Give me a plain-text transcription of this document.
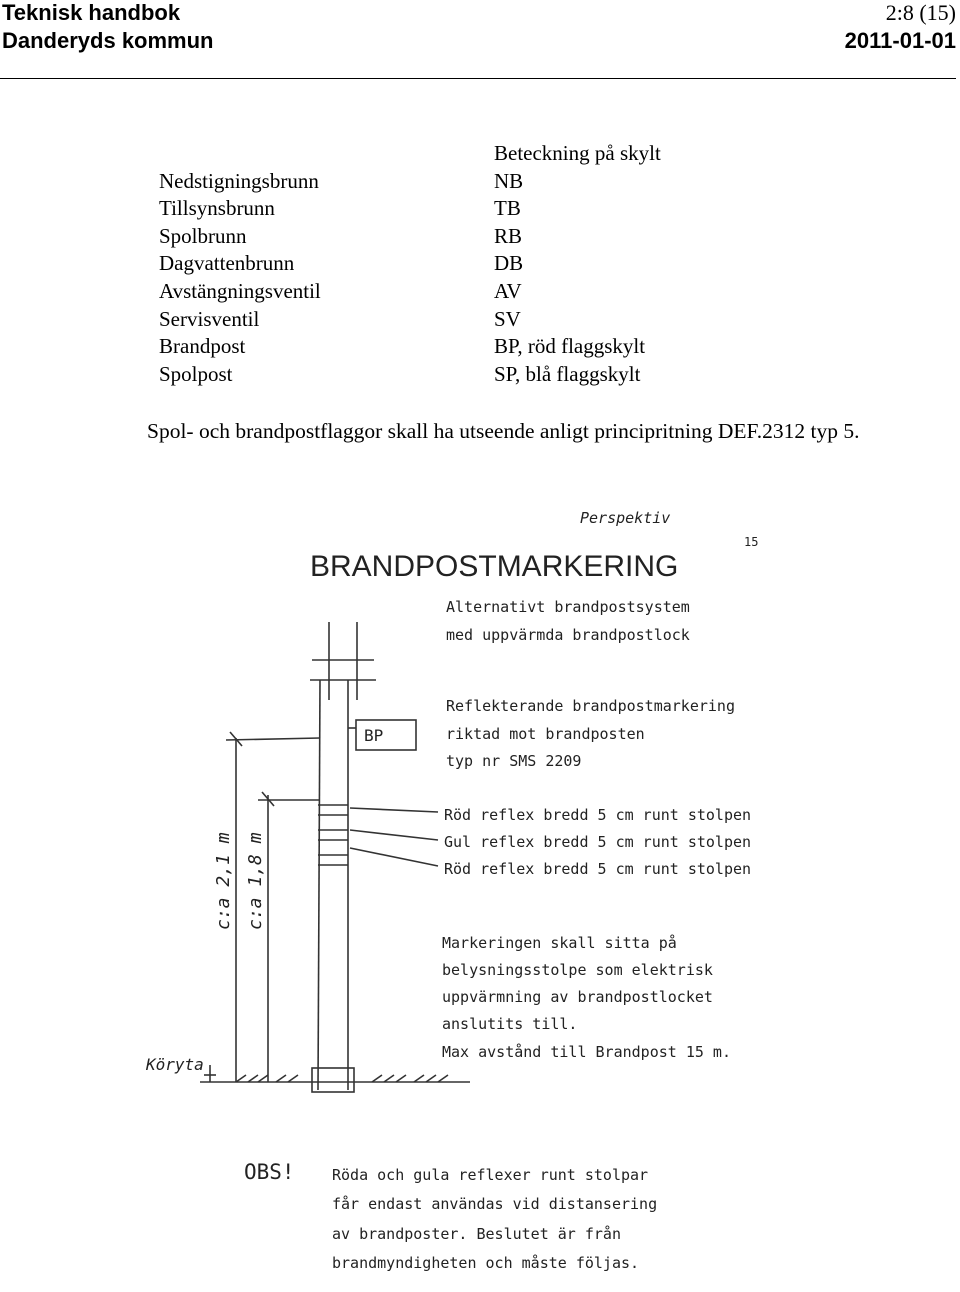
Teknisk handbok
Danderyds kommun
2:8 (15)
2011-01-01
Nedstigningsbrunn
Tillsynsbrunn
Spolbrunn
Dagvattenbrunn
Avstängningsventil
Servisventil
Brandpost
Spolpost
Beteckning på skylt
NB
TB
RB
DB
AV
SV
BP, röd flaggskylt
SP, blå flaggskylt
Spol- och brandpostflaggor skall ha utseende anligt principritning DEF.2312 typ 5.
Perspektiv
15
BRANDPOSTMARKERING
Alternativt brandpostsystem
med uppvärmda brandpostlock
BP
Reflekterande brandpostmarkering
riktad mot brandposten
typ nr SMS 2209
Röd reflex bredd 5 cm runt stolpen
Gul reflex bredd 5 cm runt stolpen
Röd reflex bredd 5 cm runt stolpen
Markeringen skall sitta på
belysningsstolpe som elektrisk
uppvärmning av brandpostlocket
anslutits till.
Max avstånd till Brandpost 15 m.
c:a 2,1 m c:a 1,8 m
Köryta
OBS! Röda och gula reflexer runt stolpar
får endast användas vid distansering
av brandposter. Beslutet är från
brandmyndigheten och måste följas.
